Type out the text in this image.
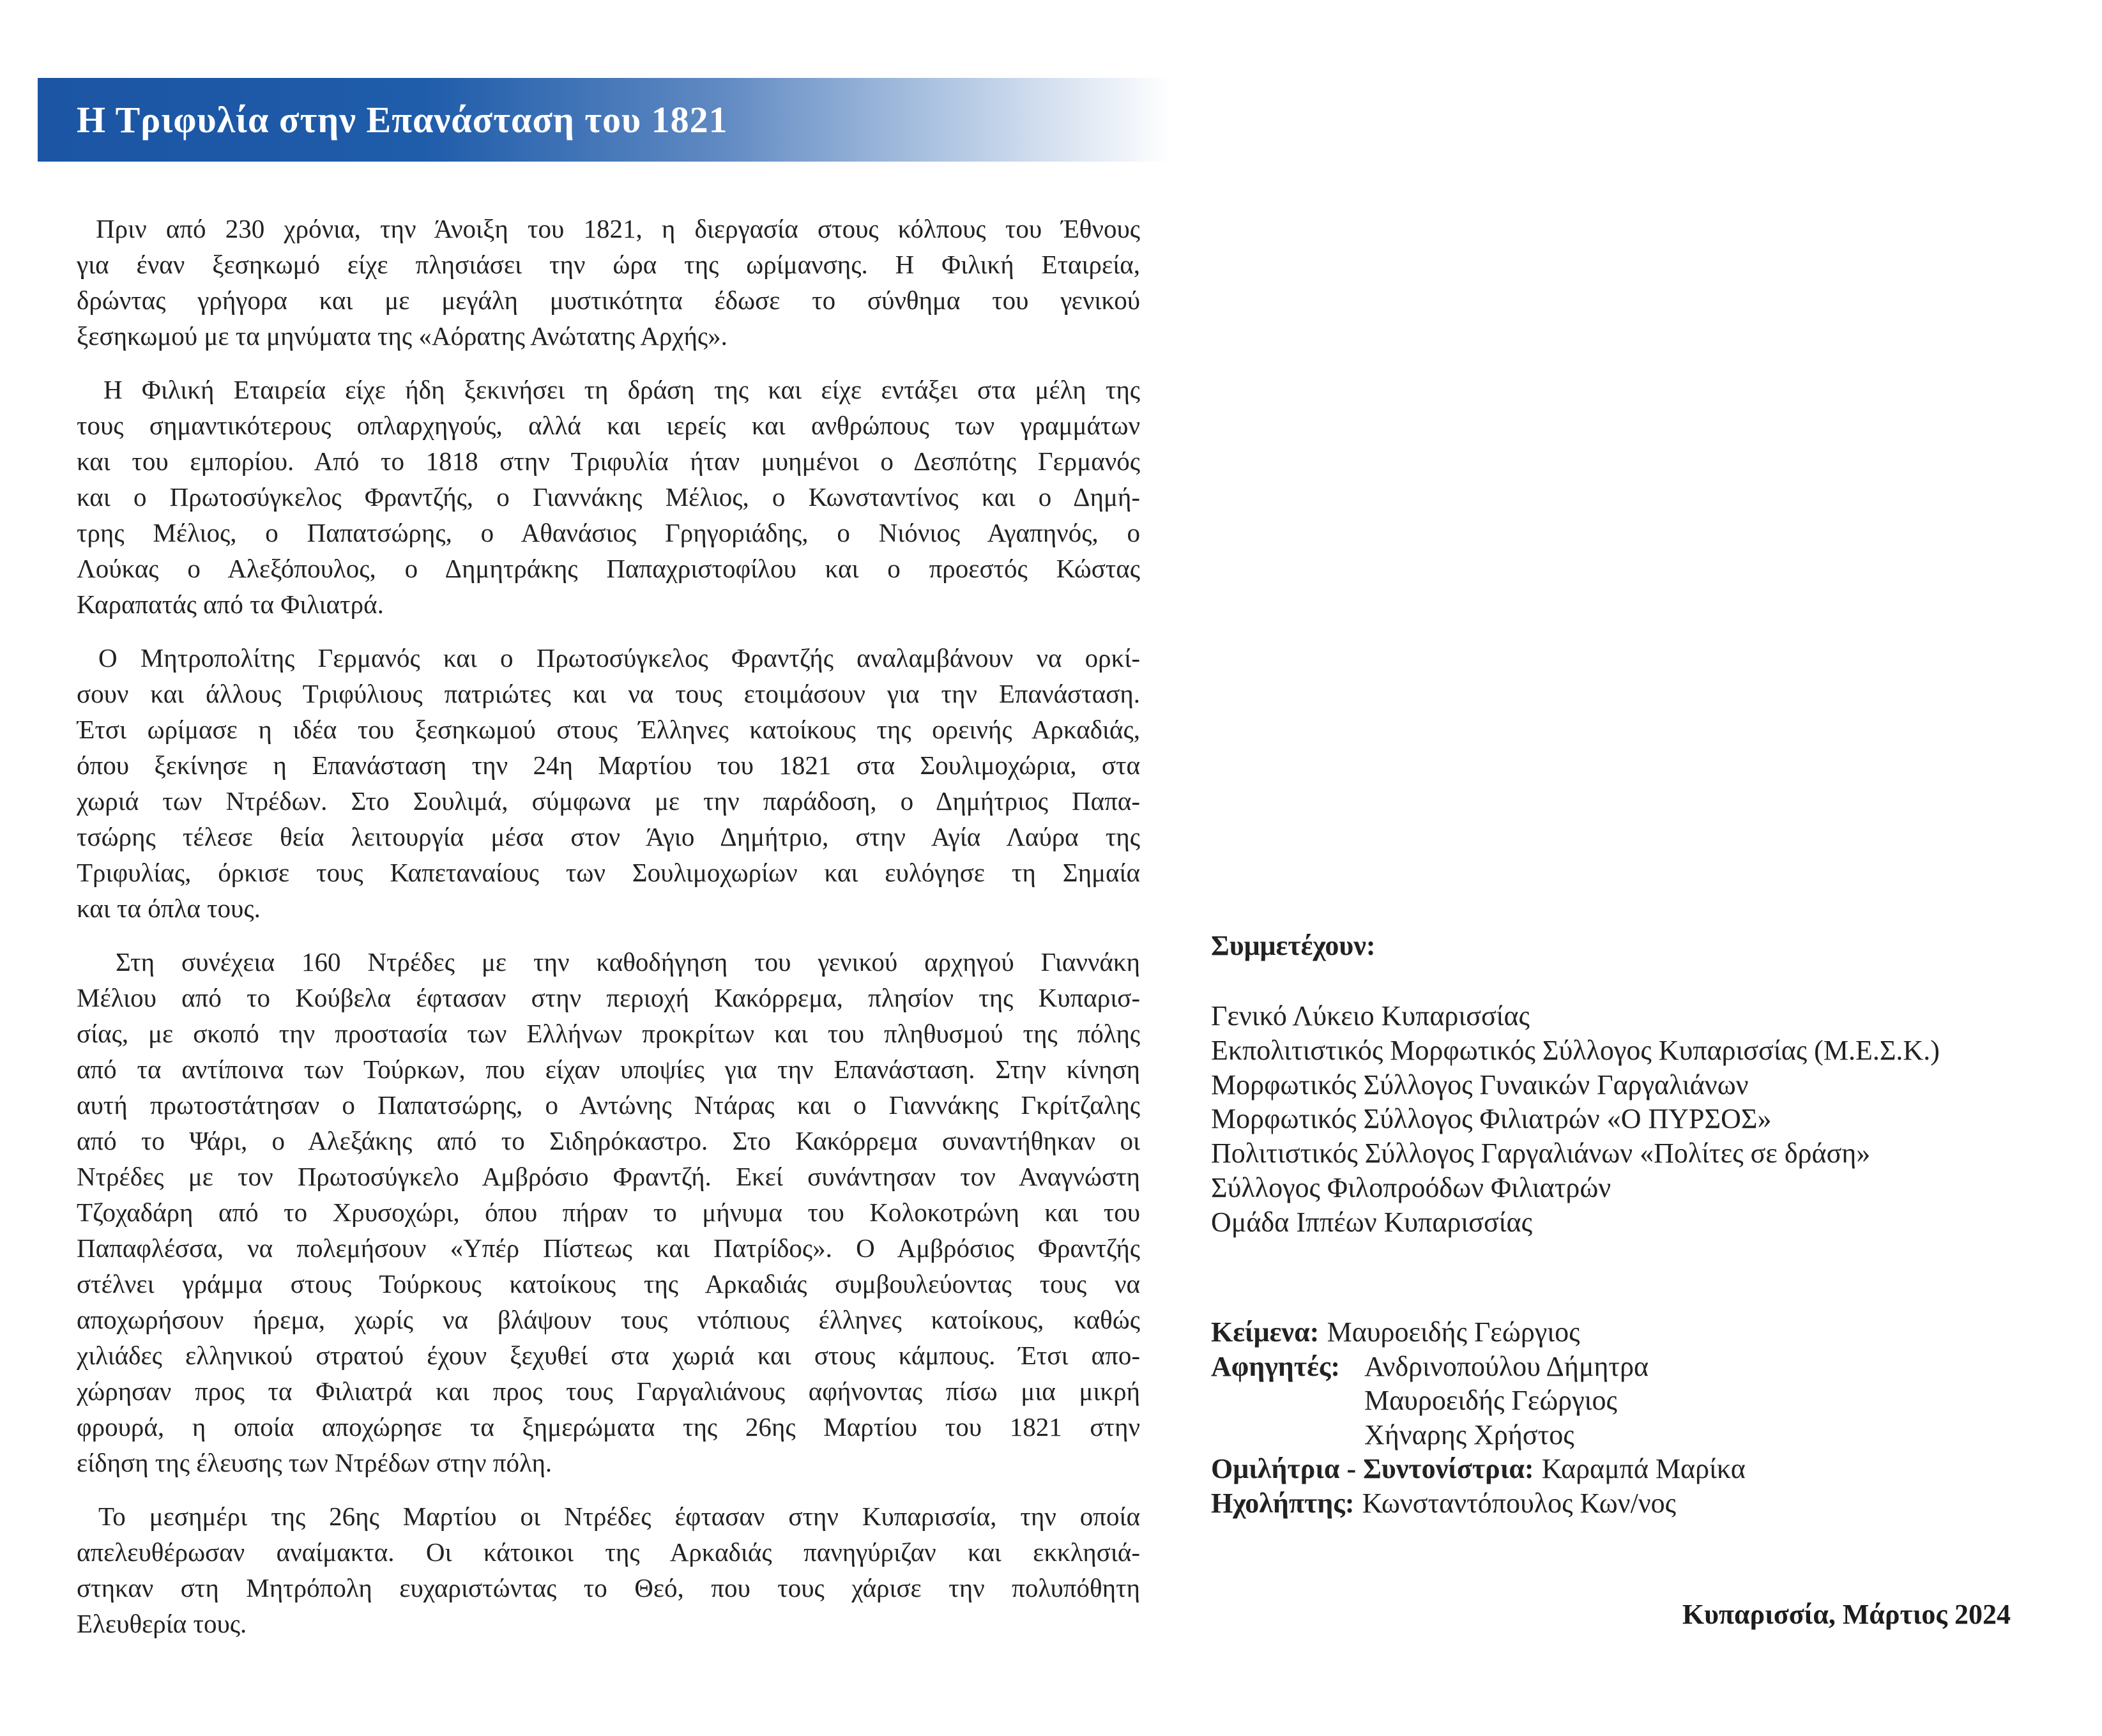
Η Τριφυλία στην Επανάσταση του 1821
Πριν από 230 χρόνια, την Άνοιξη του 1821, η διεργασία στους κόλπους του Έθνους
για έναν ξεσηκωμό είχε πλησιάσει την ώρα της ωρίμανσης. Η Φιλική Εταιρεία,
δρώντας γρήγορα και με μεγάλη μυστικότητα έδωσε το σύνθημα του γενικού
ξεσηκωμού με τα μηνύματα της «Αόρατης Ανώτατης Αρχής».
Η Φιλική Εταιρεία είχε ήδη ξεκινήσει τη δράση της και είχε εντάξει στα μέλη της
τους σημαντικότερους οπλαρχηγούς, αλλά και ιερείς και ανθρώπους των γραμμάτων
και του εμπορίου. Από το 1818 στην Τριφυλία ήταν μυημένοι ο Δεσπότης Γερμανός
και ο Πρωτοσύγκελος Φραντζής, ο Γιαννάκης Μέλιος, ο Κωνσταντίνος και ο Δημή-
τρης Μέλιος, ο Παπατσώρης, ο Αθανάσιος Γρηγοριάδης, ο Νιόνιος Αγαπηνός, ο
Λούκας ο Αλεξόπουλος, ο Δημητράκης Παπαχριστοφίλου και ο προεστός Κώστας
Καραπατάς από τα Φιλιατρά.
Ο Μητροπολίτης Γερμανός και ο Πρωτοσύγκελος Φραντζής αναλαμβάνουν να ορκί-
σουν και άλλους Τριφύλιους πατριώτες και να τους ετοιμάσουν για την Επανάσταση.
Έτσι ωρίμασε η ιδέα του ξεσηκωμού στους Έλληνες κατοίκους της ορεινής Αρκαδιάς,
όπου ξεκίνησε η Επανάσταση την 24η Μαρτίου του 1821 στα Σουλιμοχώρια, στα
χωριά των Ντρέδων. Στο Σουλιμά, σύμφωνα με την παράδοση, ο Δημήτριος Παπα-
τσώρης τέλεσε θεία λειτουργία μέσα στον Άγιο Δημήτριο, στην Αγία Λαύρα της
Τριφυλίας, όρκισε τους Καπεταναίους των Σουλιμοχωρίων και ευλόγησε τη Σημαία
και τα όπλα τους.
Στη συνέχεια 160 Ντρέδες με την καθοδήγηση του γενικού αρχηγού Γιαννάκη
Μέλιου από το Κούβελα έφτασαν στην περιοχή Κακόρρεμα, πλησίον της Κυπαρισ-
σίας, με σκοπό την προστασία των Ελλήνων προκρίτων και του πληθυσμού της πόλης
από τα αντίποινα των Τούρκων, που είχαν υποψίες για την Επανάσταση. Στην κίνηση
αυτή πρωτοστάτησαν ο Παπατσώρης, ο Αντώνης Ντάρας και ο Γιαννάκης Γκρίτζαλης
από το Ψάρι, ο Αλεξάκης από το Σιδηρόκαστρο. Στο Κακόρρεμα συναντήθηκαν οι
Ντρέδες με τον Πρωτοσύγκελο Αμβρόσιο Φραντζή. Εκεί συνάντησαν τον Αναγνώστη
Τζοχαδάρη από το Χρυσοχώρι, όπου πήραν το μήνυμα του Κολοκοτρώνη και του
Παπαφλέσσα, να πολεμήσουν «Υπέρ Πίστεως και Πατρίδος». Ο Αμβρόσιος Φραντζής
στέλνει γράμμα στους Τούρκους κατοίκους της Αρκαδιάς συμβουλεύοντας τους να
αποχωρήσουν ήρεμα, χωρίς να βλάψουν τους ντόπιους έλληνες κατοίκους, καθώς
χιλιάδες ελληνικού στρατού έχουν ξεχυθεί στα χωριά και στους κάμπους. Έτσι απο-
χώρησαν προς τα Φιλιατρά και προς τους Γαργαλιάνους αφήνοντας πίσω μια μικρή
φρουρά, η οποία αποχώρησε τα ξημερώματα της 26ης Μαρτίου του 1821 στην
είδηση της έλευσης των Ντρέδων στην πόλη.
Το μεσημέρι της 26ης Μαρτίου οι Ντρέδες έφτασαν στην Κυπαρισσία, την οποία
απελευθέρωσαν αναίμακτα. Οι κάτοικοι της Αρκαδιάς πανηγύριζαν και εκκλησιά-
στηκαν στη Μητρόπολη ευχαριστώντας το Θεό, που τους χάρισε την πολυπόθητη
Ελευθερία τους.
Συμμετέχουν:
Γενικό Λύκειο Κυπαρισσίας
Εκπολιτιστικός Μορφωτικός Σύλλογος Κυπαρισσίας (Μ.Ε.Σ.Κ.)
Μορφωτικός Σύλλογος Γυναικών Γαργαλιάνων
Μορφωτικός Σύλλογος Φιλιατρών «Ο ΠΥΡΣΟΣ»
Πολιτιστικός Σύλλογος Γαργαλιάνων «Πολίτες σε δράση»
Σύλλογος Φιλοπροόδων Φιλιατρών
Ομάδα Ιππέων Κυπαρισσίας
Κείμενα: Μαυροειδής Γεώργιος
Αφηγητές: Ανδρινοπούλου Δήμητρα
Μαυροειδής Γεώργιος
Χήναρης Χρήστος
Ομιλήτρια - Συντονίστρια: Καραμπά Μαρίκα
Ηχολήπτης: Κωνσταντόπουλος Κων/νος
Κυπαρισσία, Μάρτιος 2024
